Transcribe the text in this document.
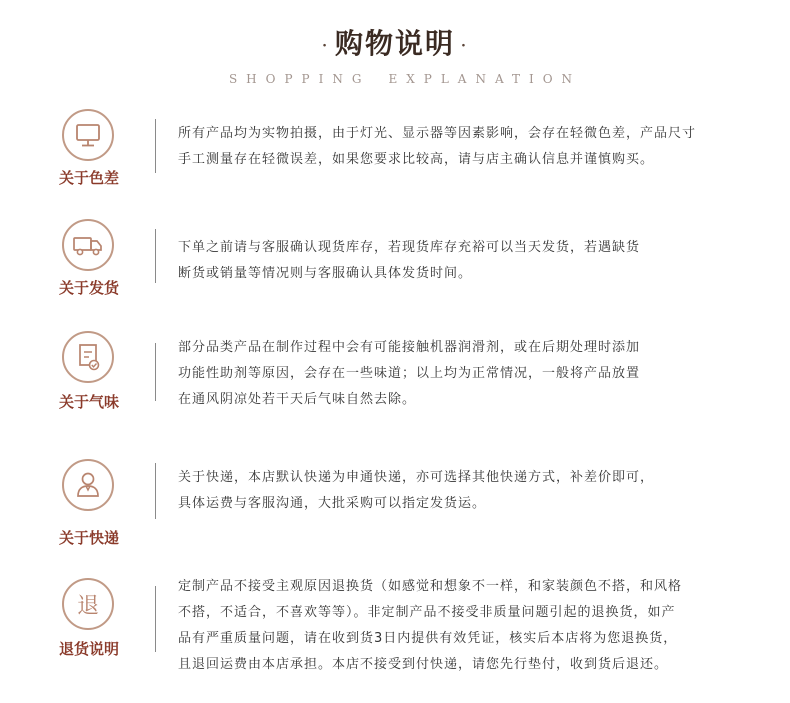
· 购物说明 ·
SHOPPING EXPLANATION
关于色差

所有产品均为实物拍摄，由于灯光、显示器等因素影响，会存在轻微色差，产品尺寸

手工测量存在轻微误差，如果您要求比较高，请与店主确认信息并谨慎购买。

关于发货

下单之前请与客服确认现货库存，若现货库存充裕可以当天发货，若遇缺货

断货或销量等情况则与客服确认具体发货时间。

关于气味

部分品类产品在制作过程中会有可能接触机器润滑剂，或在后期处理时添加

功能性助剂等原因，会存在一些味道；以上均为正常情况，一般将产品放置

在通风阴凉处若干天后气味自然去除。

关于快递

关于快递，本店默认快递为申通快递，亦可选择其他快递方式，补差价即可，

具体运费与客服沟通，大批采购可以指定发货运。

退
退货说明

定制产品不接受主观原因退换货（如感觉和想象不一样，和家装颜色不搭，和风格

不搭，不适合，不喜欢等等）。非定制产品不接受非质量问题引起的退换货，如产

品有严重质量问题，请在收到货3日内提供有效凭证，核实后本店将为您退换货，

且退回运费由本店承担。本店不接受到付快递，请您先行垫付，收到货后退还。
